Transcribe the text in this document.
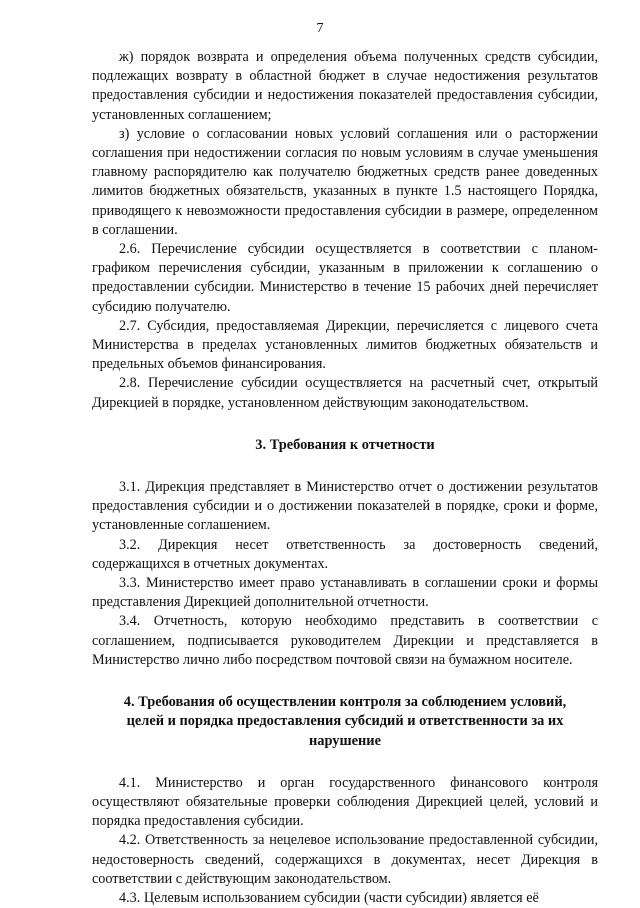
7

ж) порядок возврата и определения объема полученных средств субсидии, подлежащих возврату в областной бюджет в случае недостижения результатов предоставления субсидии и недостижения показателей предоставления субсидии, установленных соглашением;

з) условие о согласовании новых условий соглашения или о расторжении соглашения при недостижении согласия по новым условиям в случае уменьшения главному распорядителю как получателю бюджетных средств ранее доведенных лимитов бюджетных обязательств, указанных в пункте 1.5 настоящего Порядка, приводящего к невозможности предоставления субсидии в размере, определенном в соглашении.

2.6. Перечисление субсидии осуществляется в соответствии с планом-графиком перечисления субсидии, указанным в приложении к соглашению о предоставлении субсидии. Министерство в течение 15 рабочих дней перечисляет субсидию получателю.

2.7. Субсидия, предоставляемая Дирекции, перечисляется с лицевого счета Министерства в пределах установленных лимитов бюджетных обязательств и предельных объемов финансирования.

2.8. Перечисление субсидии осуществляется на расчетный счет, открытый Дирекцией в порядке, установленном действующим законодательством.

3. Требования к отчетности

3.1. Дирекция представляет в Министерство отчет о достижении результатов предоставления субсидии и о достижении показателей в порядке, сроки и форме, установленные соглашением.

3.2. Дирекция несет ответственность за достоверность сведений, содержащихся в отчетных документах.

3.3. Министерство имеет право устанавливать в соглашении сроки и формы представления Дирекцией дополнительной отчетности.

3.4. Отчетность, которую необходимо представить в соответствии с соглашением, подписывается руководителем Дирекции и представляется в Министерство лично либо посредством почтовой связи на бумажном носителе.

4. Требования об осуществлении контроля за соблюдением условий, целей и порядка предоставления субсидий и ответственности за их нарушение

4.1. Министерство и орган государственного финансового контроля осуществляют обязательные проверки соблюдения Дирекцией целей, условий и порядка предоставления субсидии.

4.2. Ответственность за нецелевое использование предоставленной субсидии, недостоверность сведений, содержащихся в документах, несет Дирекция в соответствии с действующим законодательством.

4.3. Целевым использованием субсидии (части субсидии) является её
